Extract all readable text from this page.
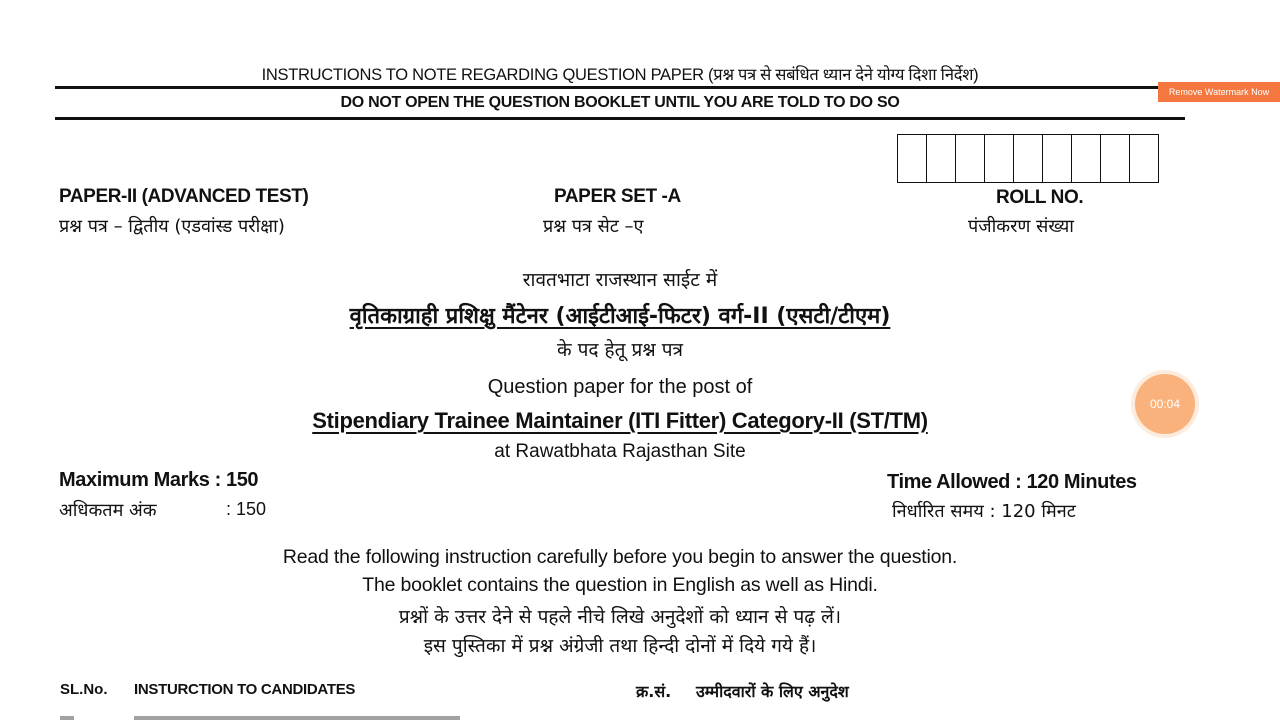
INSTRUCTIONS TO NOTE REGARDING QUESTION PAPER (प्रश्न पत्र से सबंधित ध्यान देने योग्य दिशा निर्देश)
DO NOT OPEN THE QUESTION BOOKLET UNTIL YOU ARE TOLD TO DO SO
PAPER-II (ADVANCED TEST)
प्रश्न पत्र – द्वितीय (एडवांस्ड परीक्षा)
PAPER SET -A
प्रश्न पत्र सेट –ए
ROLL NO.
पंजीकरण संख्या
रावतभाटा राजस्थान साईट में
वृतिकाग्राही प्रशिक्षु मैंटेनर (आईटीआई-फिटर) वर्ग-II (एसटी/टीएम)
के पद हेतू प्रश्न पत्र
Question paper for the post of
Stipendiary Trainee Maintainer (ITI Fitter) Category-II (ST/TM)
at Rawatbhata Rajasthan Site
Maximum Marks : 150
अधिकतम अंक	: 150
Time Allowed : 120 Minutes
निर्धारित समय : 120 मिनट
Read the following instruction carefully before you begin to answer the question.
The booklet contains the question in English as well as Hindi.
प्रश्नों के उत्तर देने से पहले नीचे लिखे अनुदेशों को ध्यान से पढ़ लें।
इस पुस्तिका में प्रश्न अंग्रेजी तथा हिन्दी दोनों में दिये गये हैं।
SL.No. INSTURCTION TO CANDIDATES	क्र.सं. उम्मीदवारों के लिए अनुदेश
Remove Watermark Now
00:04
